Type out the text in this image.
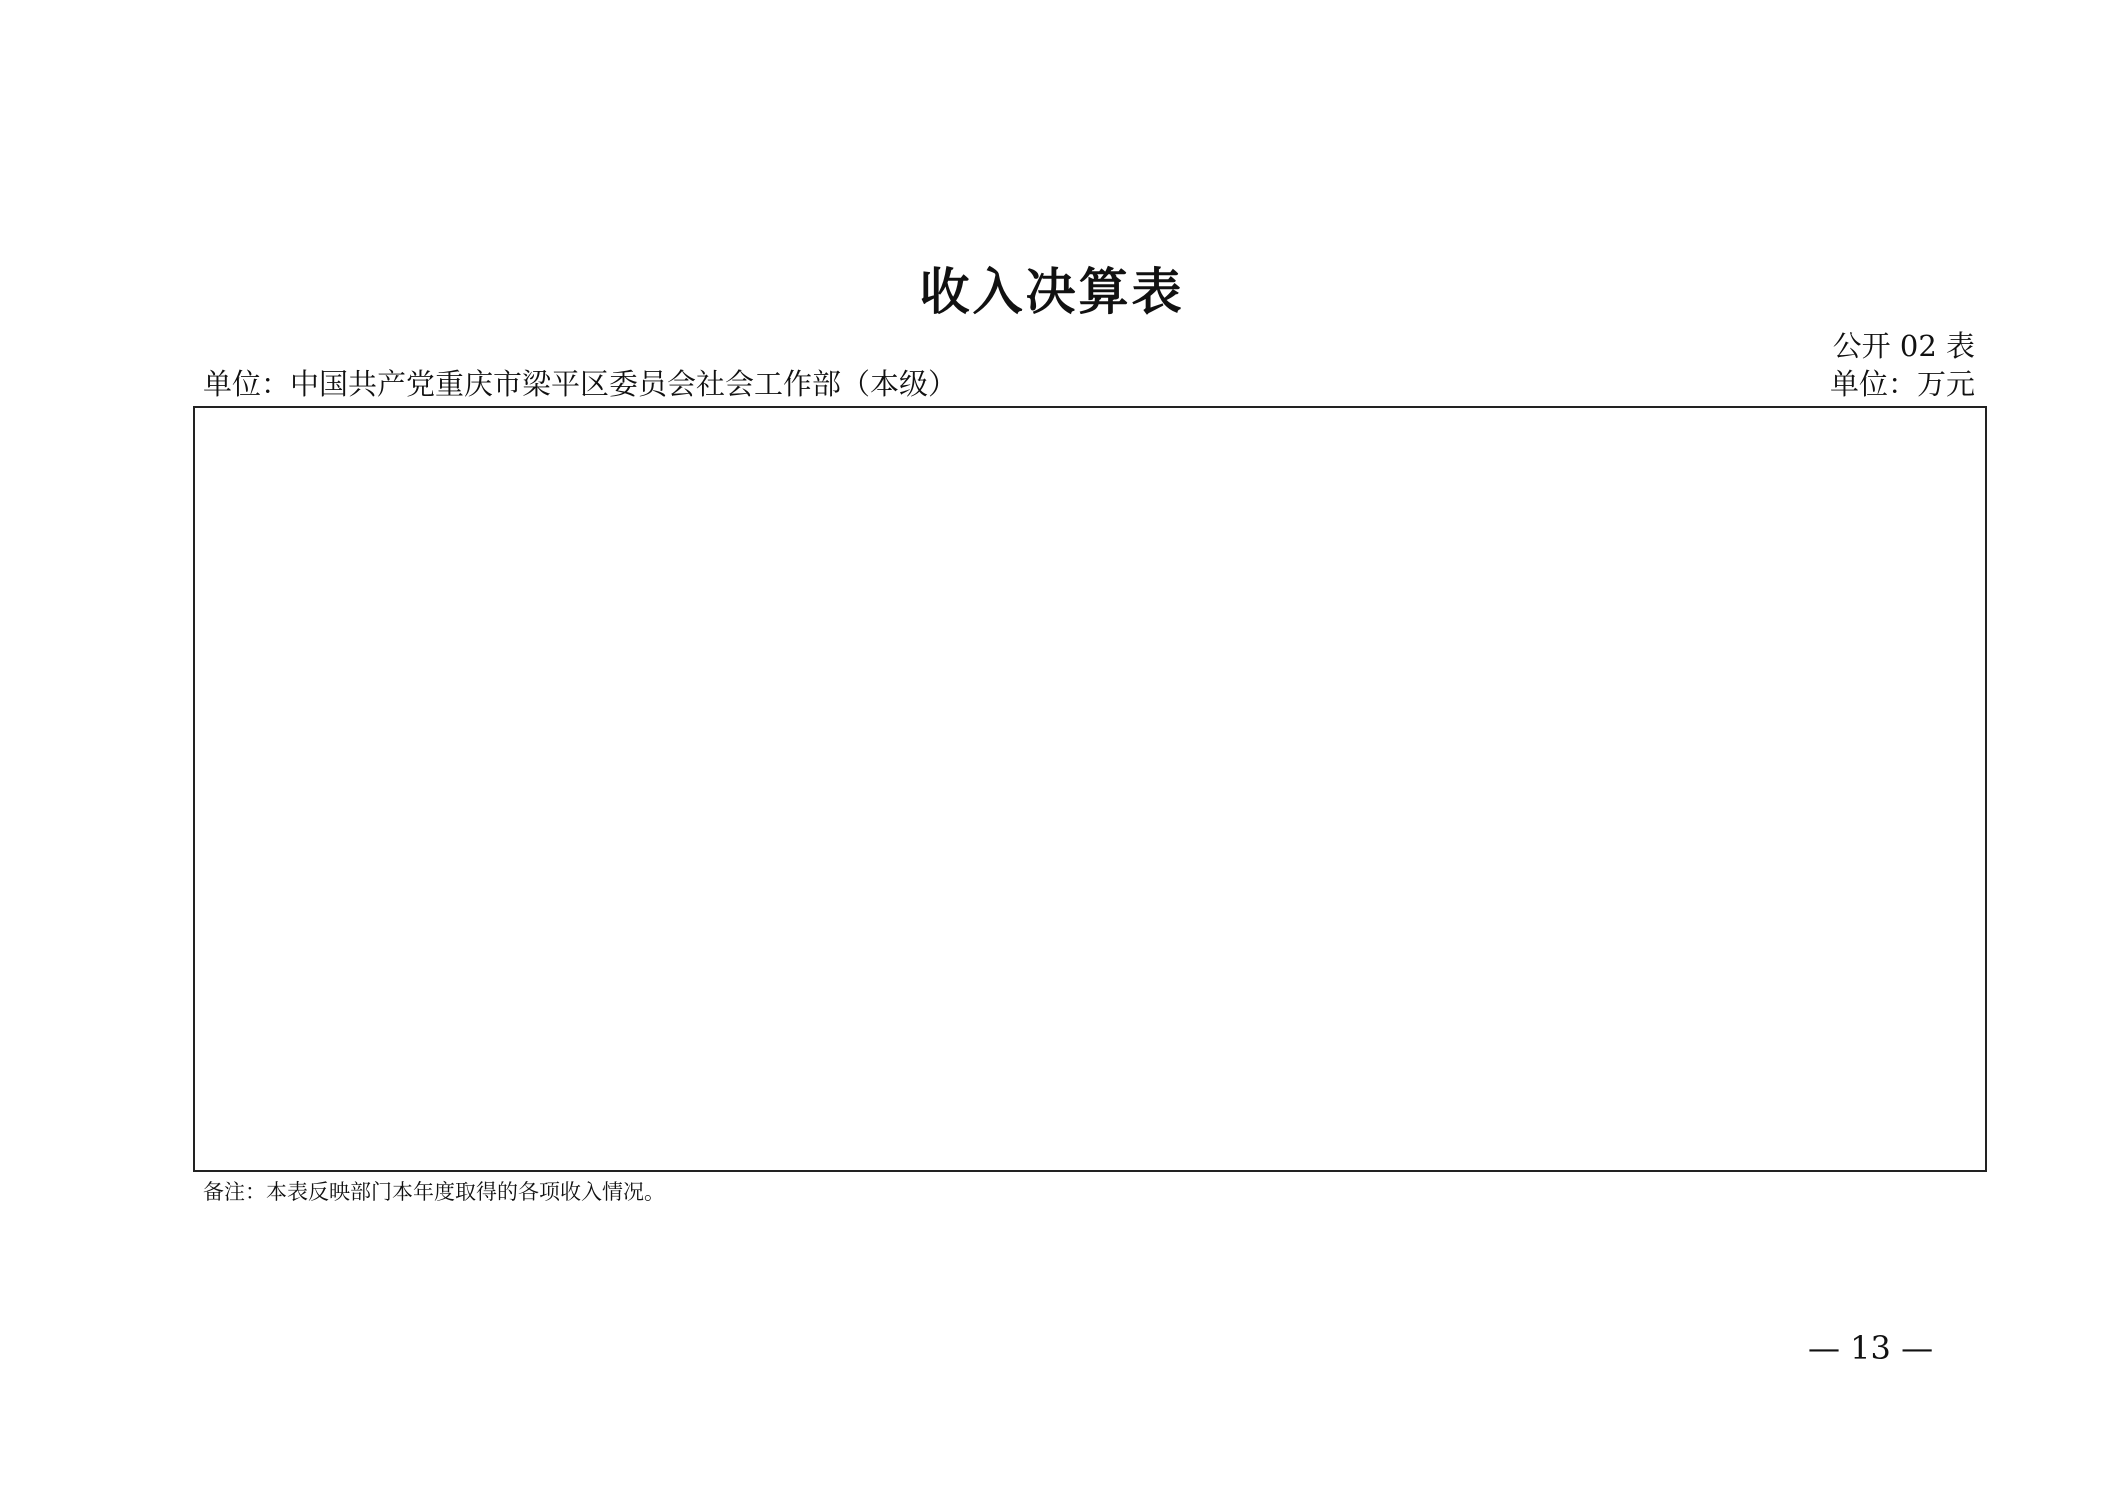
收入决算表
公开 02 表
单位：中国共产党重庆市梁平区委员会社会工作部（本级）	单位：万元
备注：本表反映部门本年度取得的各项收入情况。
— 13 —
